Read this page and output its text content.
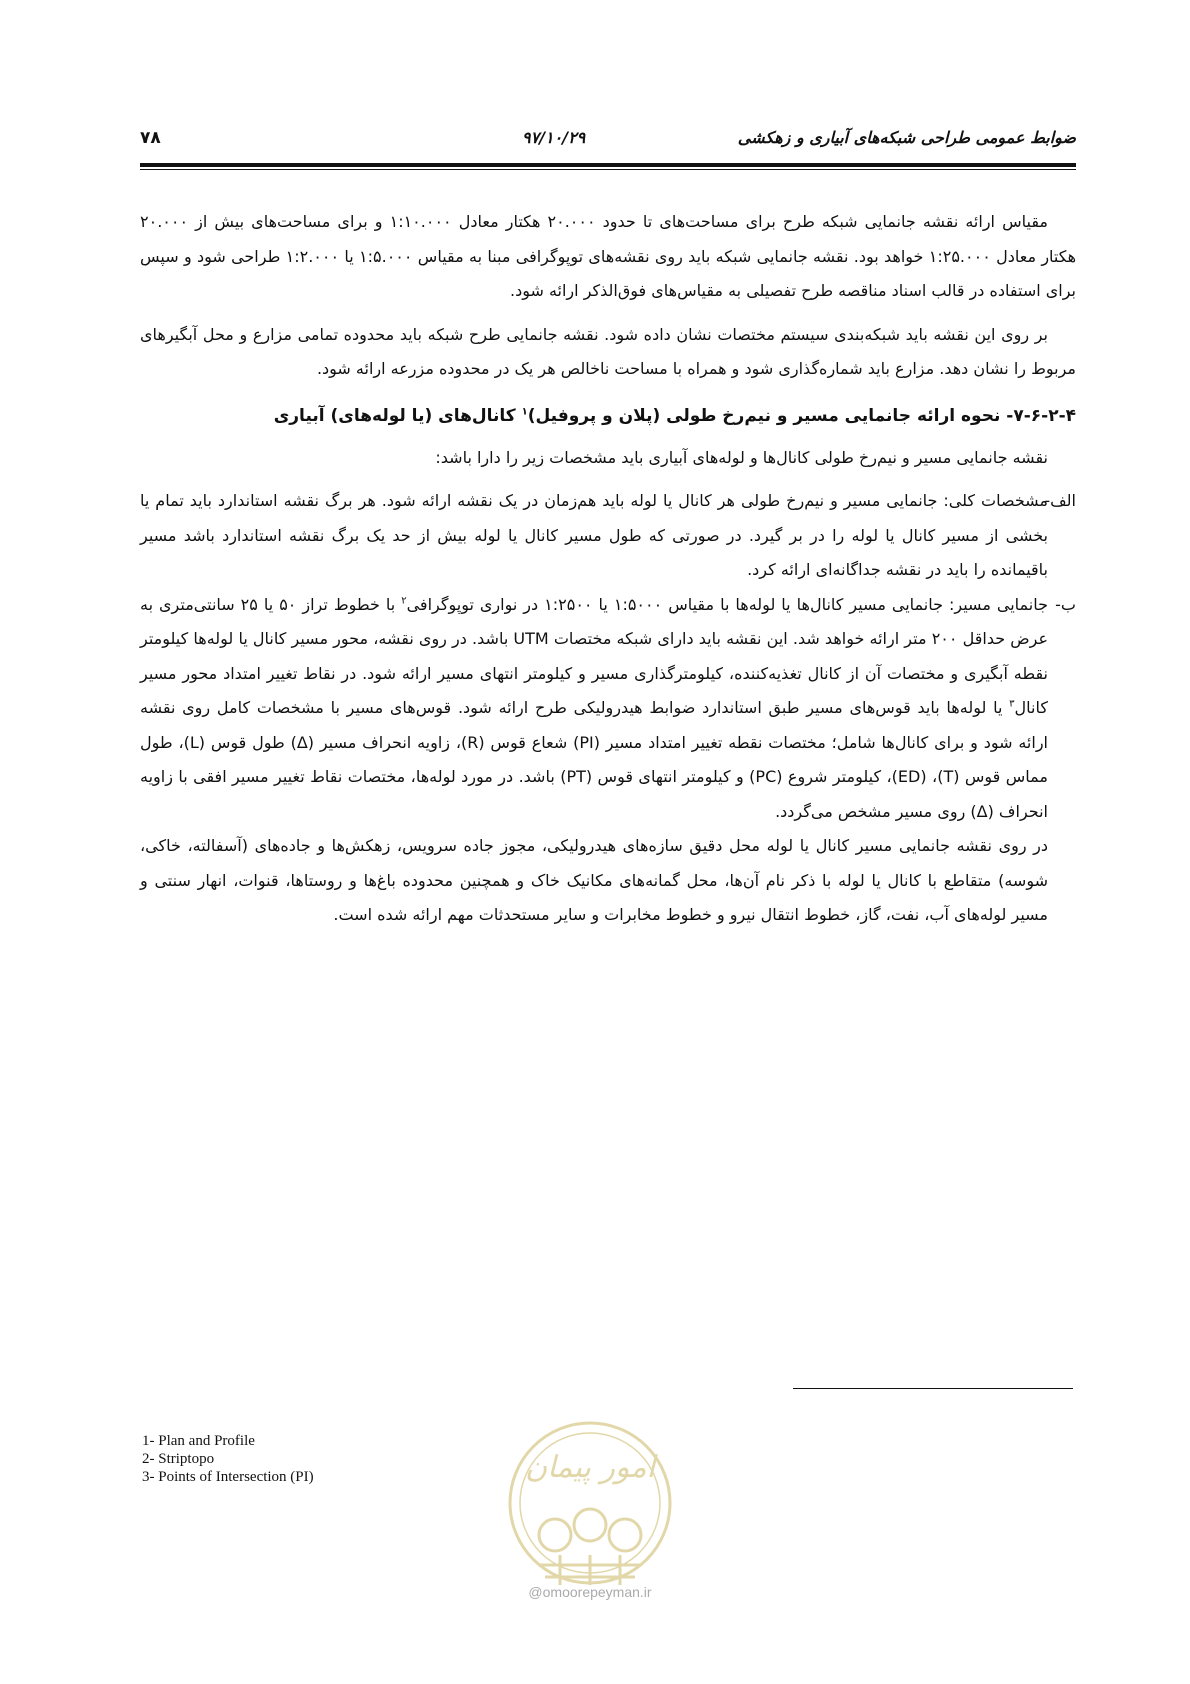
۷۸	۹۷/۱۰/۲۹	ضوابط عمومی طراحی شبکه‌های آبیاری و زهکشی

مقیاس ارائه نقشه جانمایی شبکه طرح برای مساحت‌های تا حدود ۲۰.۰۰۰ هکتار معادل ۱:۱۰.۰۰۰ و برای مساحت‌های بیش از ۲۰.۰۰۰ هکتار معادل ۱:۲۵.۰۰۰ خواهد بود. نقشه جانمایی شبکه باید روی نقشه‌های توپوگرافی مبنا به مقیاس ۱:۵.۰۰۰ یا ۱:۲.۰۰۰ طراحی شود و سپس برای استفاده در قالب اسناد مناقصه طرح تفصیلی به مقیاس‌های فوق‌الذکر ارائه شود.

بر روی این نقشه باید شبکه‌بندی سیستم مختصات نشان داده شود. نقشه جانمایی طرح شبکه باید محدوده تمامی مزارع و محل آبگیرهای مربوط را نشان دهد. مزارع باید شماره‌گذاری شود و همراه با مساحت ناخالص هر یک در محدوده مزرعه ارائه شود.

۷-۶-۲-۴- نحوه ارائه جانمایی مسیر و نیم‌رخ طولی (پلان و پروفیل)$^۱$ کانال‌های (یا لوله‌های) آبیاری

نقشه جانمایی مسیر و نیم‌رخ طولی کانال‌ها و لوله‌های آبیاری باید مشخصات زیر را دارا باشد:

الف-
مشخصات کلی: جانمایی مسیر و نیم‌رخ طولی هر کانال یا لوله باید هم‌زمان در یک نقشه ارائه شود. هر برگ نقشه استاندارد باید تمام یا بخشی از مسیر کانال یا لوله را در بر گیرد. در صورتی که طول مسیر کانال یا لوله بیش از حد یک برگ نقشه استاندارد باشد مسیر باقیمانده را باید در نقشه جداگانه‌ای ارائه کرد.
ب-
جانمایی مسیر: جانمایی مسیر کانال‌ها یا لوله‌ها با مقیاس ۱:۵۰۰۰ یا ۱:۲۵۰۰ در نواری توپوگرافی$^۲$ با خطوط تراز ۵۰ یا ۲۵ سانتی‌متری به عرض حداقل ۲۰۰ متر ارائه خواهد شد. این نقشه باید دارای شبکه مختصات UTM باشد. در روی نقشه، محور مسیر کانال یا لوله‌ها کیلومتر نقطه آبگیری و مختصات آن از کانال تغذیه‌کننده، کیلومترگذاری مسیر و کیلومتر انتهای مسیر ارائه شود. در نقاط تغییر امتداد محور مسیر کانال$^۳$ یا لوله‌ها باید قوس‌های مسیر طبق استاندارد ضوابط هیدرولیکی طرح ارائه شود. قوس‌های مسیر با مشخصات کامل روی نقشه ارائه شود و برای کانال‌ها شامل؛ مختصات نقطه تغییر امتداد مسیر (PI) شعاع قوس (R)، زاویه انحراف مسیر (Δ) طول قوس (L)، طول مماس قوس (T)، (ED)، کیلومتر شروع (PC) و کیلومتر انتهای قوس (PT) باشد. در مورد لوله‌ها، مختصات نقاط تغییر مسیر افقی با زاویه انحراف (Δ) روی مسیر مشخص می‌گردد.
در روی نقشه جانمایی مسیر کانال یا لوله محل دقیق سازه‌های هیدرولیکی، مجوز جاده سرویس، زهکش‌ها و جاده‌های (آسفالته، خاکی، شوسه) متقاطع با کانال یا لوله با ذکر نام آن‌ها، محل گمانه‌های مکانیک خاک و همچنین محدوده باغ‌ها و روستاها، قنوات، انهار سنتی و مسیر لوله‌های آب، نفت، گاز، خطوط انتقال نیرو و خطوط مخابرات و سایر مستحدثات مهم ارائه شده است.
1- Plan and Profile
2- Striptopo
3- Points of Intersection (PI)	امور پیمان
@omoorepeyman.ir
